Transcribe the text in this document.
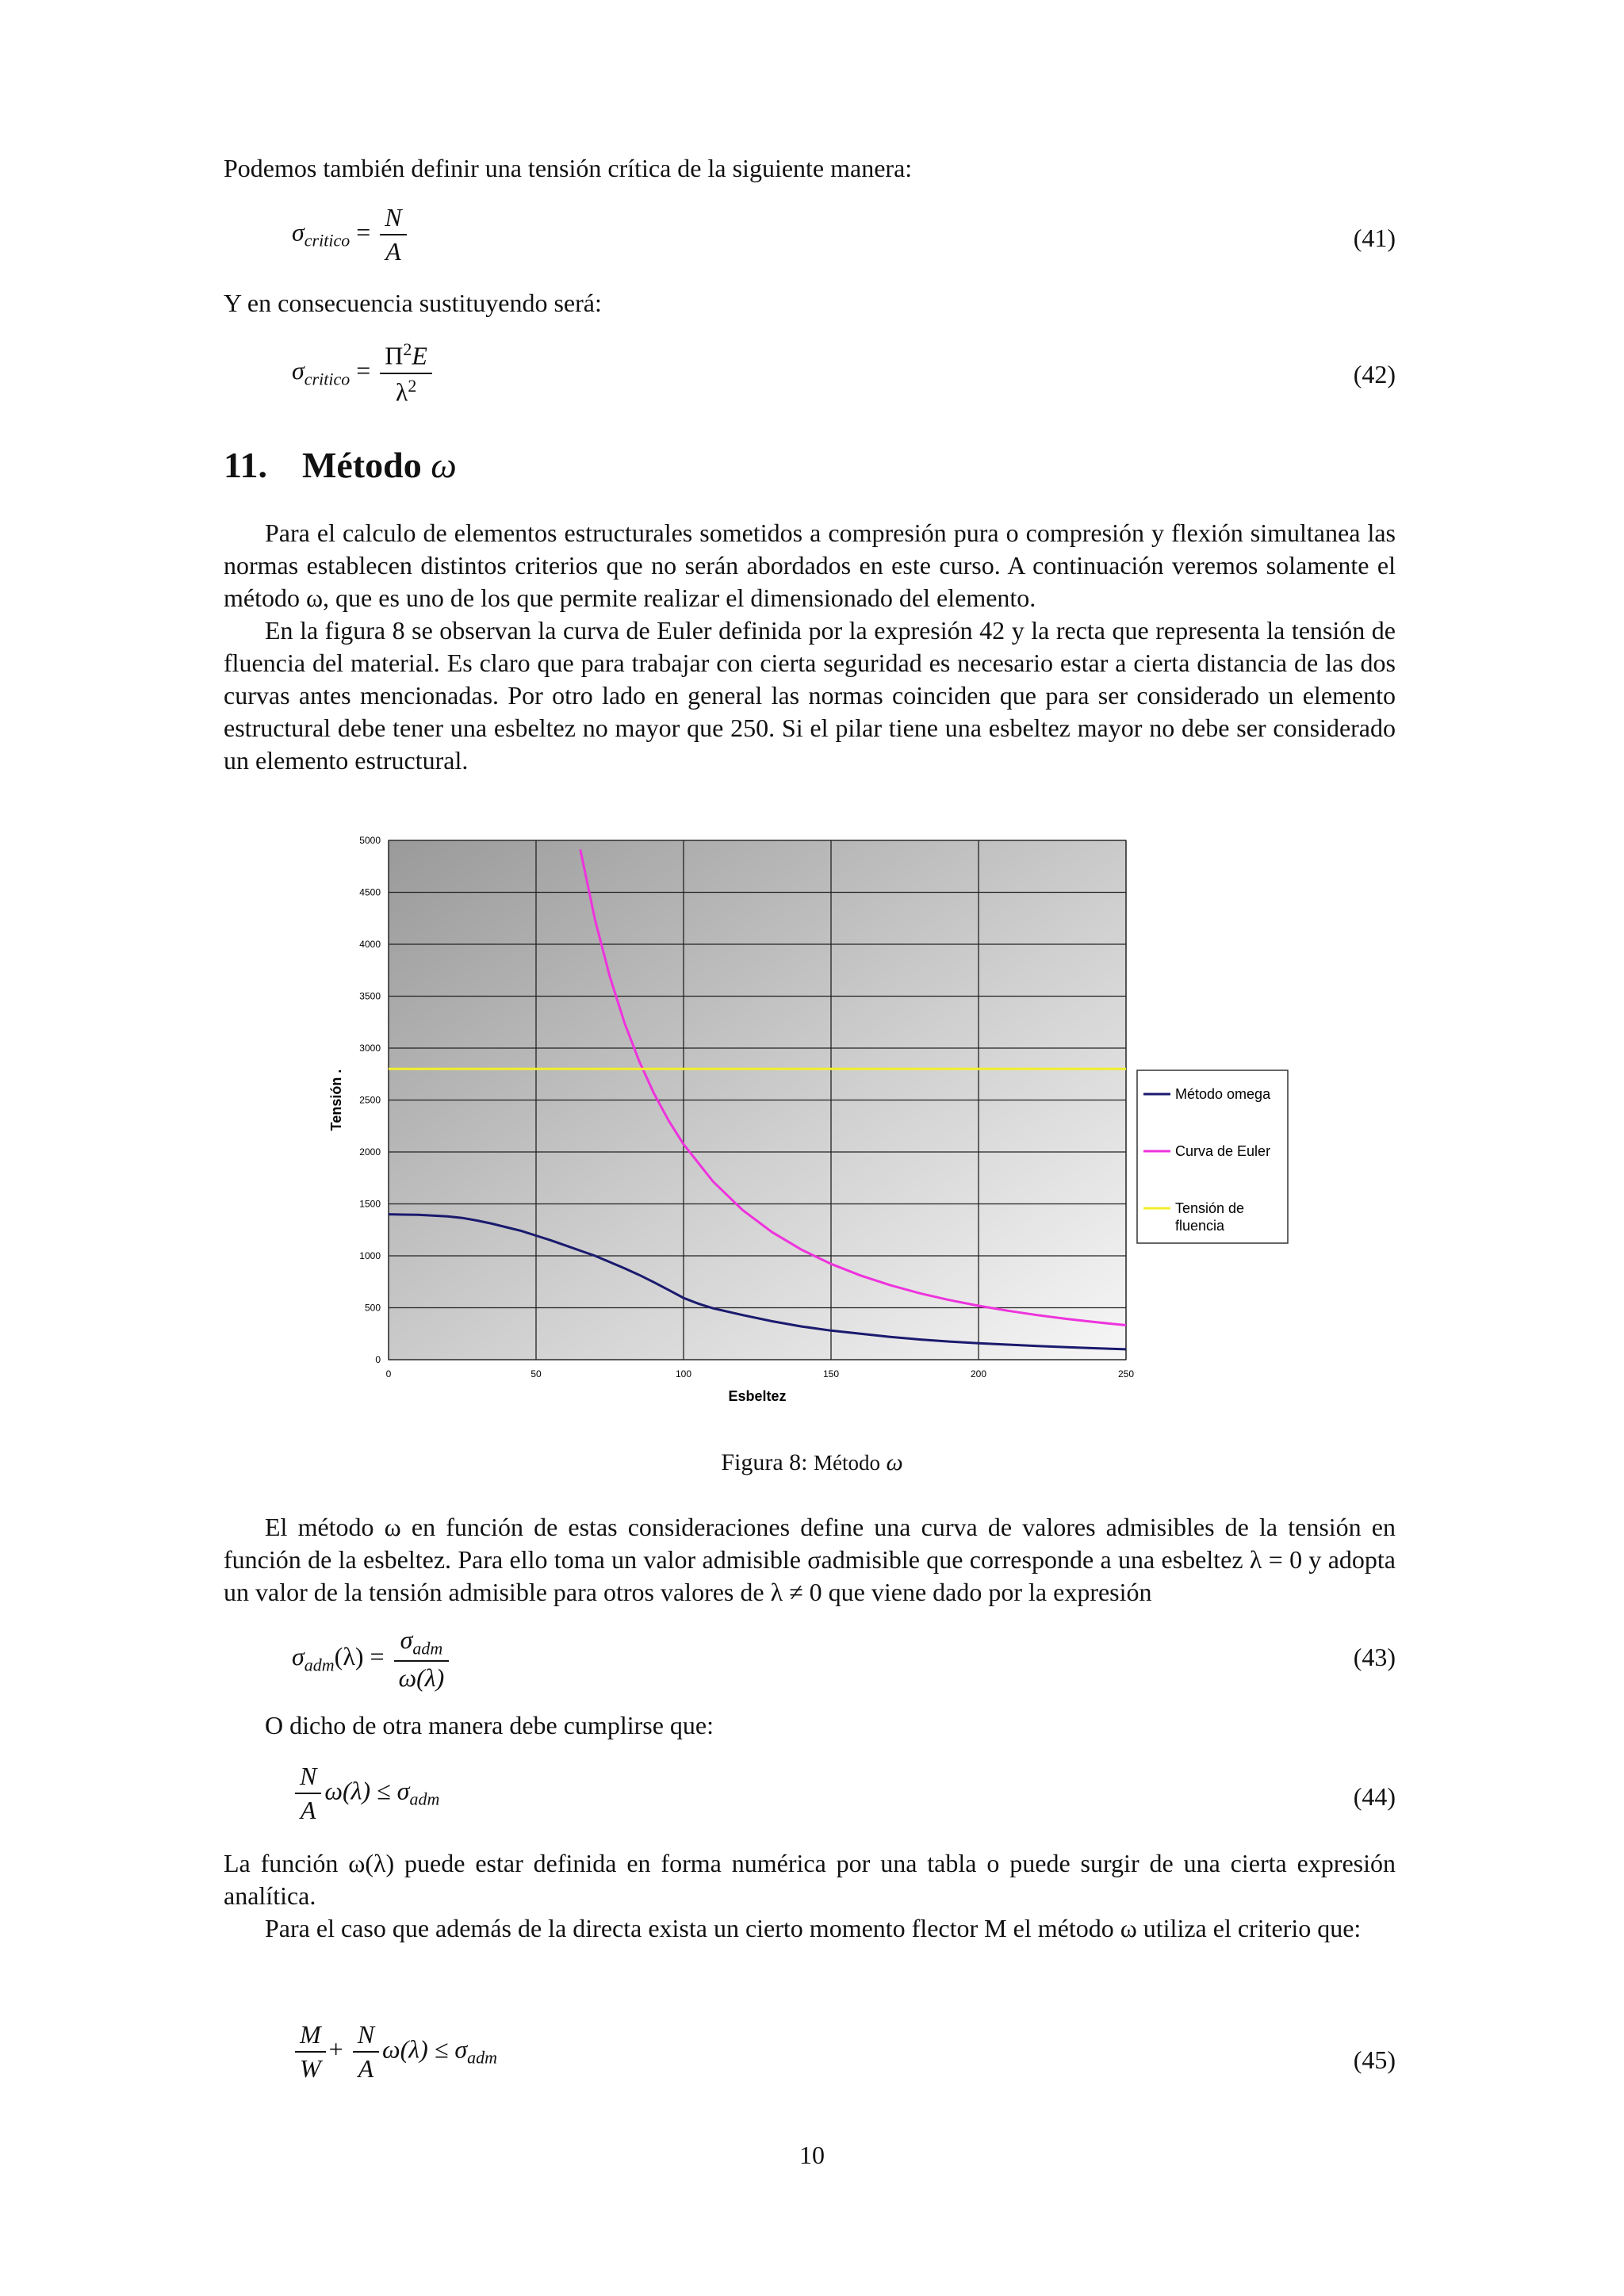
Podemos también definir una tensión crítica de la siguiente manera:

$\sigma_{critico} = \frac{N}{A}$	(41)

Y en consecuencia sustituyendo será:

$\sigma_{critico} = \frac{\Pi^2E}{\lambda^2}$	(42)
11. Método ω

Para el calculo de elementos estructurales sometidos a compresión pura o compresión y flexión simultanea las normas establecen distintos criterios que no serán abordados en este curso. A continuación veremos solamente el método ω, que es uno de los que permite realizar el dimensionado del elemento.

En la figura 8 se observan la curva de Euler definida por la expresión 42 y la recta que representa la tensión de fluencia del material. Es claro que para trabajar con cierta seguridad es necesario estar a cierta distancia de las dos curvas antes mencionadas. Por otro lado en general las normas coinciden que para ser considerado un elemento estructural debe tener una esbeltez no mayor que 250. Si el pilar tiene una esbeltez mayor no debe ser considerado un elemento estructural.

0	50	100	150	200	250
0
500
1000
1500
2000
2500
3000
3500
4000
4500
5000
Esbeltez
Tensión .	Método omega
Curva de Euler
Tensión de fluencia
Figura 8: Método ω

El método ω en función de estas consideraciones define una curva de valores admisibles de la tensión en función de la esbeltez. Para ello toma un valor admisible σadmisible que corresponde a una esbeltez λ = 0 y adopta un valor de la tensión admisible para otros valores de λ ≠ 0 que viene dado por la expresión

$\sigma_{adm}(\lambda) = \frac{\sigma_{adm}}{\omega(\lambda)}$	(43)

O dicho de otra manera debe cumplirse que:

$\frac{N}{A} \omega(\lambda) \le \sigma_{adm}$	(44)

La función ω(λ) puede estar definida en forma numérica por una tabla o puede surgir de una cierta expresión analítica.

Para el caso que además de la directa exista un cierto momento flector M el método ω utiliza el criterio que:

$\frac{M}{W} + \frac{N}{A} \omega(\lambda) \le \sigma_{adm}$	(45)
10
